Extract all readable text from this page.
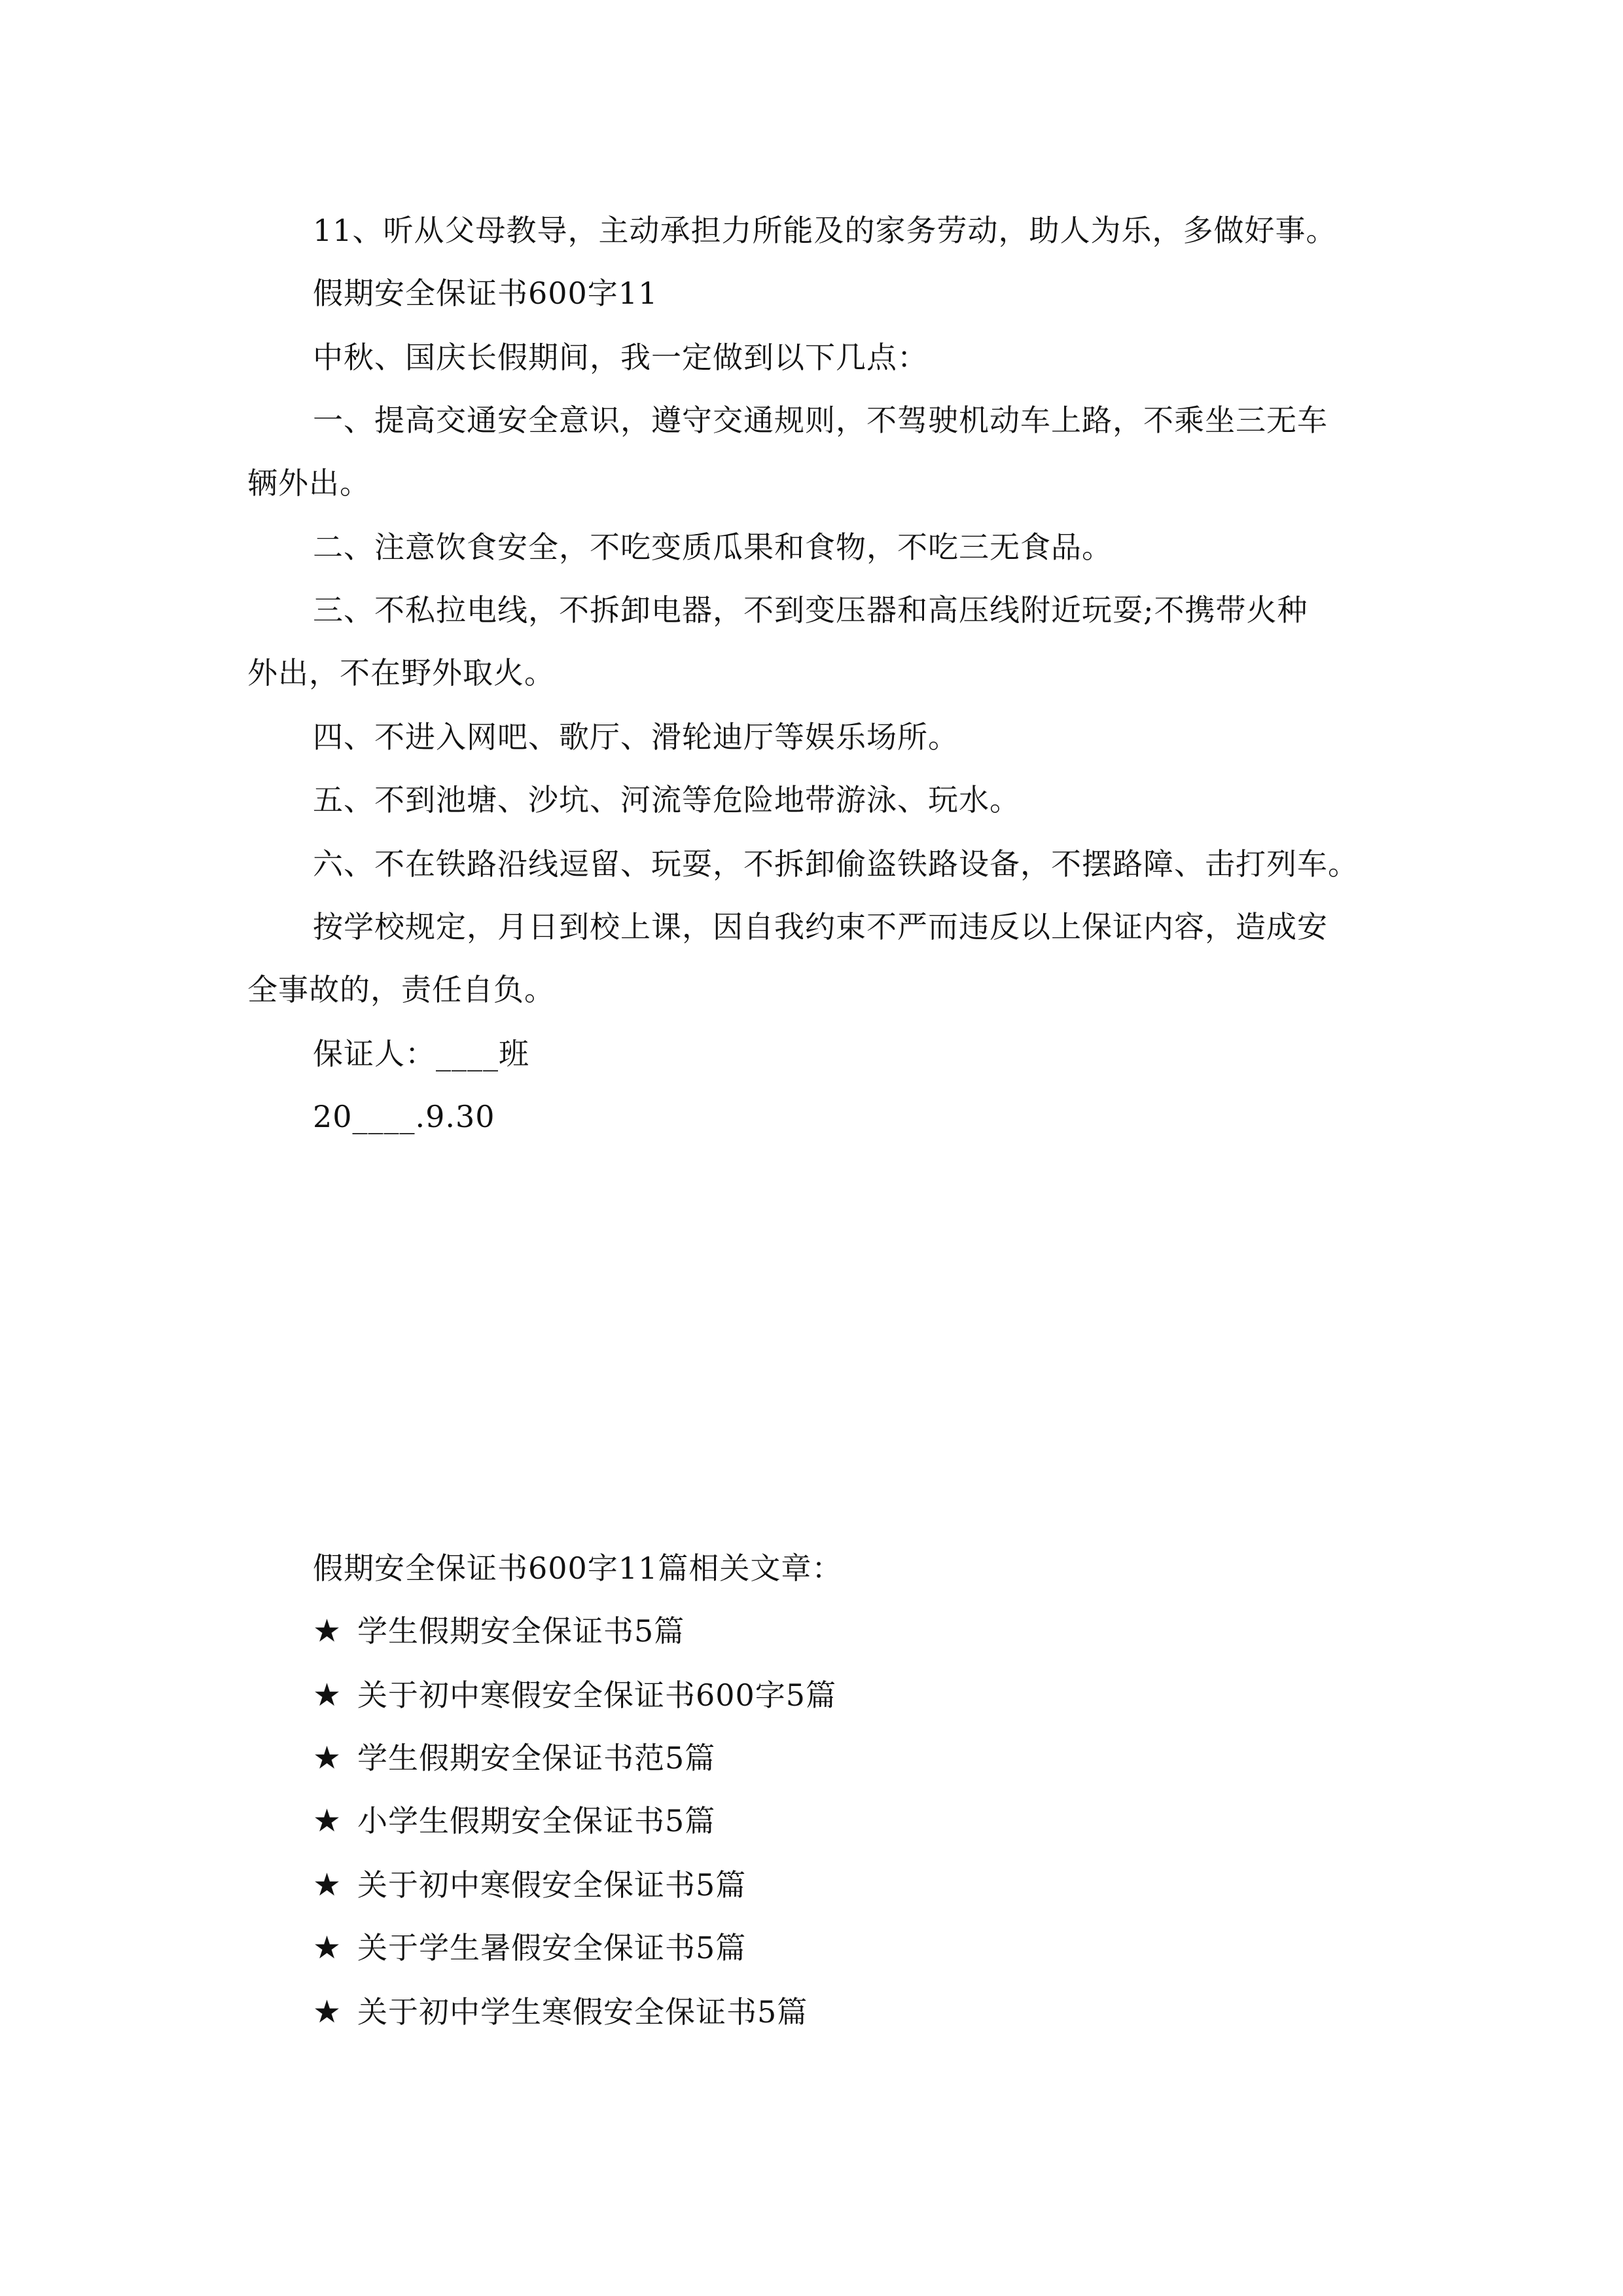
11、听从父母教导，主动承担力所能及的家务劳动，助人为乐，多做好事。
假期安全保证书600字11
中秋、国庆长假期间，我一定做到以下几点：
一、提高交通安全意识，遵守交通规则，不驾驶机动车上路，不乘坐三无车
辆外出。
二、注意饮食安全，不吃变质瓜果和食物，不吃三无食品。
三、不私拉电线，不拆卸电器，不到变压器和高压线附近玩耍;不携带火种
外出，不在野外取火。
四、不进入网吧、歌厅、滑轮迪厅等娱乐场所。
五、不到池塘、沙坑、河流等危险地带游泳、玩水。
六、不在铁路沿线逗留、玩耍，不拆卸偷盗铁路设备，不摆路障、击打列车。
按学校规定，月日到校上课，因自我约束不严而违反以上保证内容，造成安
全事故的，责任自负。
保证人：____班
20____.9.30
假期安全保证书600字11篇相关文章：
★ 学生假期安全保证书5篇
★ 关于初中寒假安全保证书600字5篇
★ 学生假期安全保证书范5篇
★ 小学生假期安全保证书5篇
★ 关于初中寒假安全保证书5篇
★ 关于学生暑假安全保证书5篇
★ 关于初中学生寒假安全保证书5篇
